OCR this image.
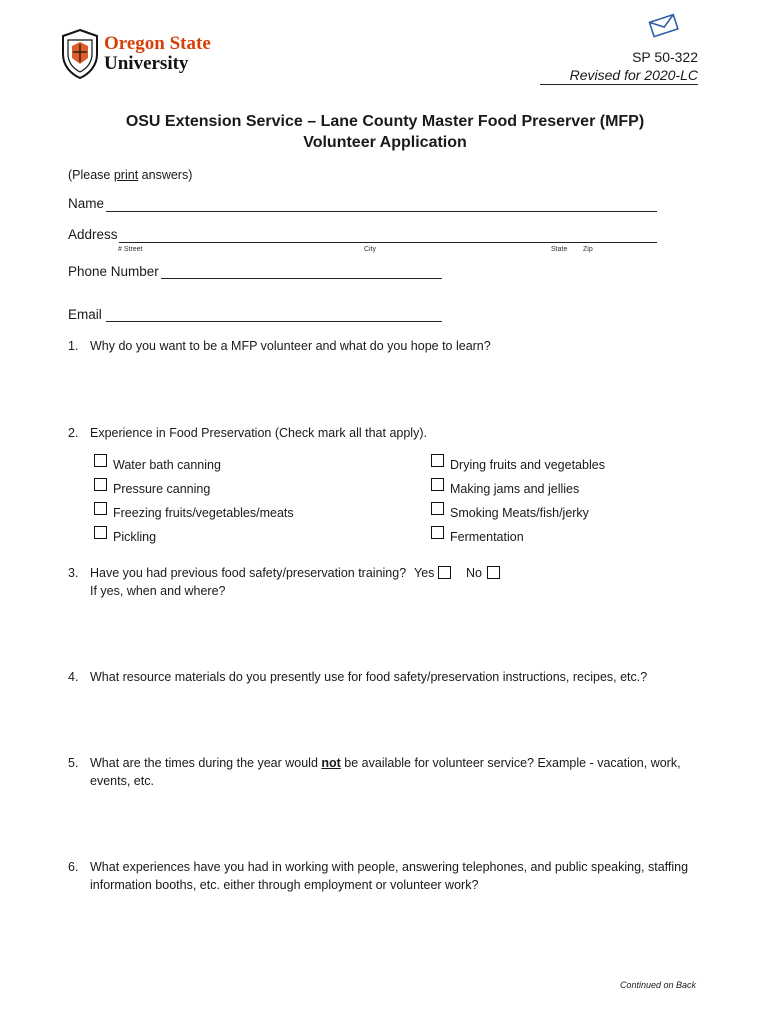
Oregon State
University	SP 50-322
Revised for 2020-LC
OSU Extension Service – Lane County Master Food Preserver (MFP)
Volunteer Application
(Please print answers)
Name
Address
# Street	City	State Zip
Phone Number
Email
1. Why do you want to be a MFP volunteer and what do you hope to learn?
2. Experience in Food Preservation (Check mark all that apply).
Water bath canning
Pressure canning
Freezing fruits/vegetables/meats
Pickling
Drying fruits and vegetables
Making jams and jellies
Smoking Meats/fish/jerky
Fermentation
3. Have you had previous food safety/preservation training? Yes	No
If yes, when and where?
4. What resource materials do you presently use for food safety/preservation instructions, recipes, etc.?
5. What are the times during the year would not be available for volunteer service? Example - vacation, work,
events, etc.
6. What experiences have you had in working with people, answering telephones, and public speaking, staffing
information booths, etc. either through employment or volunteer work?
Continued on Back
